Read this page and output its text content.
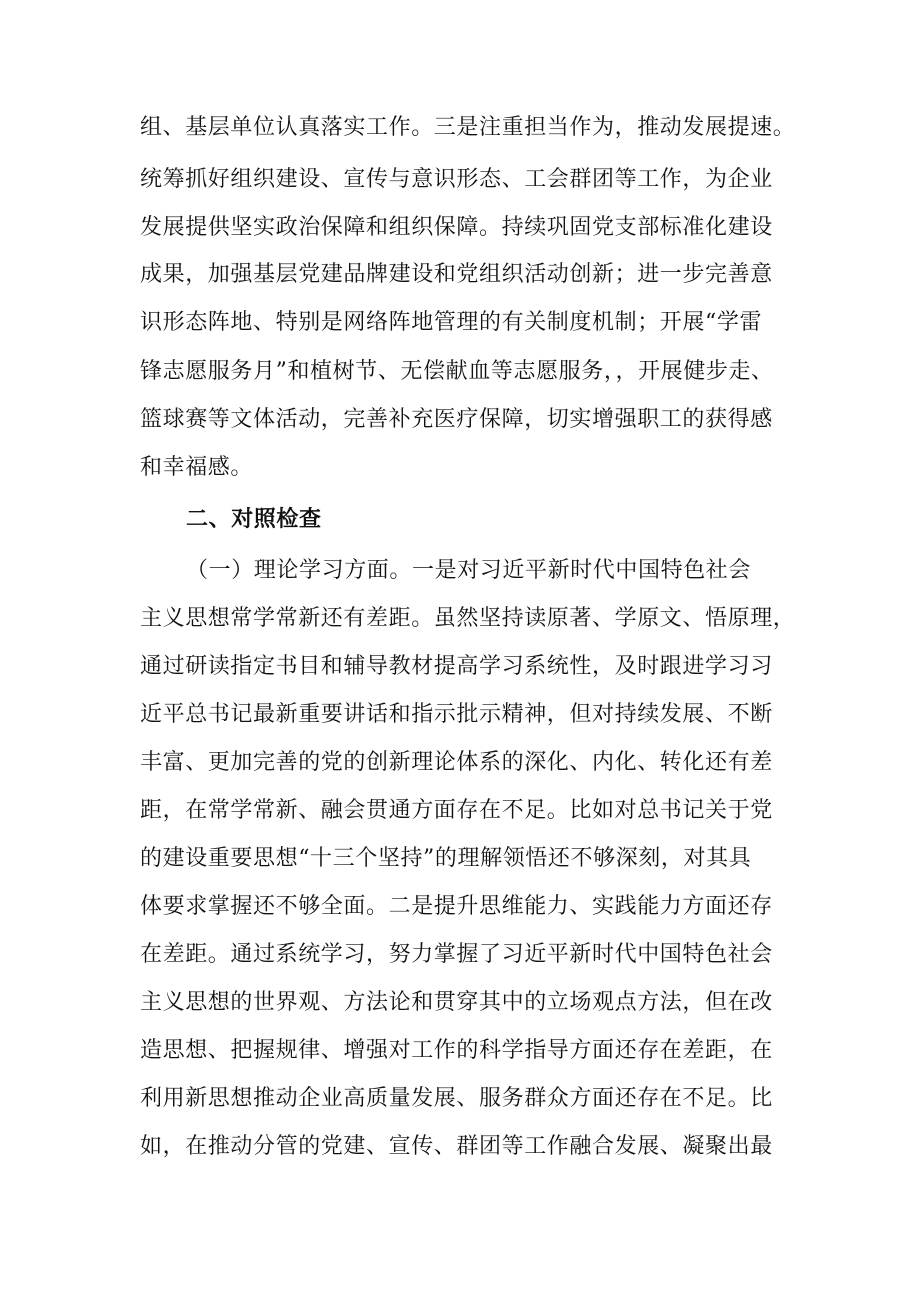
组、基层单位认真落实工作。三是注重担当作为，推动发展提速。
统筹抓好组织建设、宣传与意识形态、工会群团等工作，为企业
发展提供坚实政治保障和组织保障。持续巩固党支部标准化建设
成果，加强基层党建品牌建设和党组织活动创新；进一步完善意
识形态阵地、特别是网络阵地管理的有关制度机制；开展“学雷
锋志愿服务月”和植树节、无偿献血等志愿服务，，开展健步走、
篮球赛等文体活动，完善补充医疗保障，切实增强职工的获得感
和幸福感。
二、对照检查
（一）理论学习方面。一是对习近平新时代中国特色社会
主义思想常学常新还有差距。虽然坚持读原著、学原文、悟原理，
通过研读指定书目和辅导教材提高学习系统性，及时跟进学习习
近平总书记最新重要讲话和指示批示精神，但对持续发展、不断
丰富、更加完善的党的创新理论体系的深化、内化、转化还有差
距，在常学常新、融会贯通方面存在不足。比如对总书记关于党
的建设重要思想“十三个坚持”的理解领悟还不够深刻，对其具
体要求掌握还不够全面。二是提升思维能力、实践能力方面还存
在差距。通过系统学习，努力掌握了习近平新时代中国特色社会
主义思想的世界观、方法论和贯穿其中的立场观点方法，但在改
造思想、把握规律、增强对工作的科学指导方面还存在差距，在
利用新思想推动企业高质量发展、服务群众方面还存在不足。比
如，在推动分管的党建、宣传、群团等工作融合发展、凝聚出最
